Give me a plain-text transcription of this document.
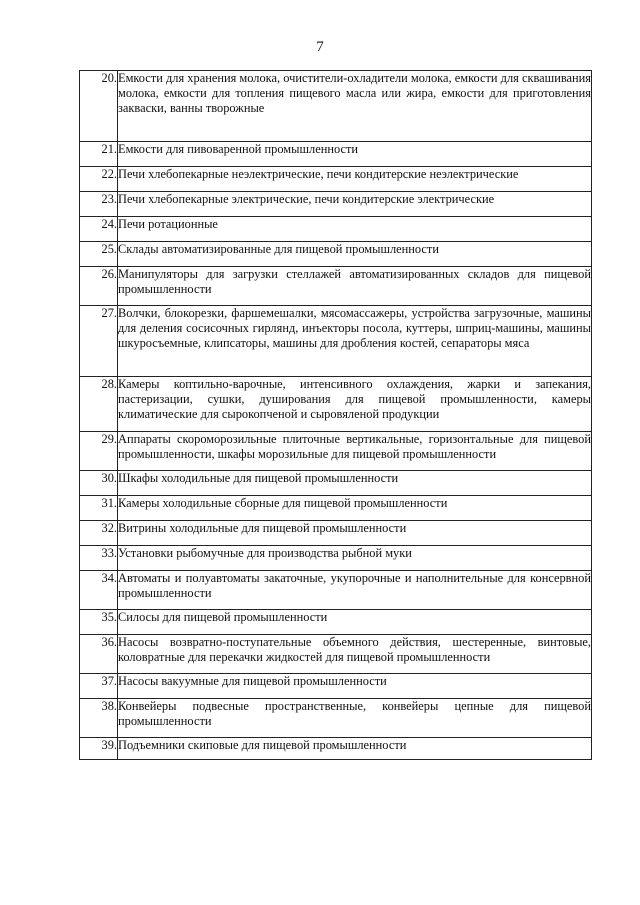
7
20.	Емкости для хранения молока, очистители-охладители молока, емкости для сквашивания молока, емкости для топления пищевого масла или жира, емкости для приготовления закваски, ванны творожные
21.	Емкости для пивоваренной промышленности
22.	Печи хлебопекарные неэлектрические, печи кондитерские неэлектрические
23.	Печи хлебопекарные электрические, печи кондитерские электрические
24.	Печи ротационные
25.	Склады автоматизированные для пищевой промышленности
26.	Манипуляторы для загрузки стеллажей автоматизированных складов для пищевой промышленности
27.	Волчки, блокорезки, фаршемешалки, мясомассажеры, устройства загрузочные, машины для деления сосисочных гирлянд, инъекторы посола, куттеры, шприц-машины, машины шкуросъемные, клипсаторы, машины для дробления костей, сепараторы мяса
28.	Камеры коптильно-варочные, интенсивного охлаждения, жарки и запекания, пастеризации, сушки, душирования для пищевой промышленности, камеры климатические для сырокопченой и сыровяленой продукции
29.	Аппараты скороморозильные плиточные вертикальные, горизонтальные для пищевой промышленности, шкафы морозильные для пищевой промышленности
30.	Шкафы холодильные для пищевой промышленности
31.	Камеры холодильные сборные для пищевой промышленности
32.	Витрины холодильные для пищевой промышленности
33.	Установки рыбомучные для производства рыбной муки
34.	Автоматы и полуавтоматы закаточные, укупорочные и наполнительные для консервной промышленности
35.	Силосы для пищевой промышленности
36.	Насосы возвратно-поступательные объемного действия, шестеренные, винтовые, коловратные для перекачки жидкостей для пищевой промышленности
37.	Насосы вакуумные для пищевой промышленности
38.	Конвейеры подвесные пространственные, конвейеры цепные для пищевой промышленности
39.	Подъемники скиповые для пищевой промышленности
